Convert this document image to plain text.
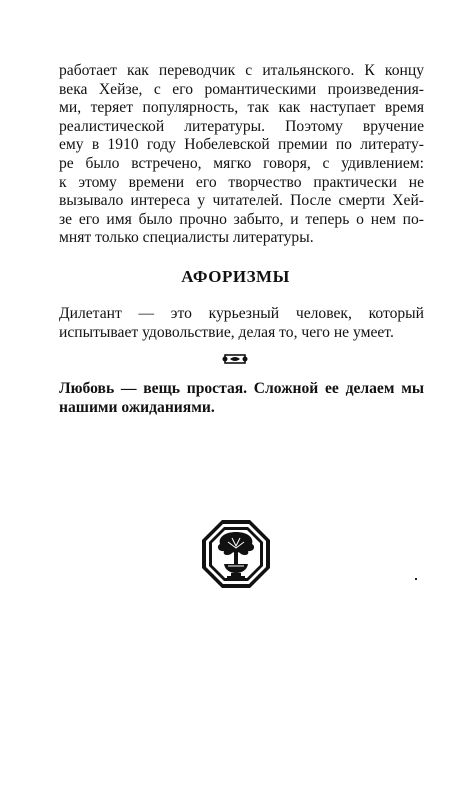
работает как переводчик с итальянского. К концу
века Хейзе, с его романтическими произведения-
ми, теряет популярность, так как наступает время
реалистической литературы. Поэтому вручение
ему в 1910 году Нобелевской премии по литерату-
ре было встречено, мягко говоря, с удивлением:
к этому времени его творчество практически не
вызывало интереса у читателей. После смерти Хей-
зе его имя было прочно забыто, и теперь о нем по-
мнят только специалисты литературы.
АФОРИЗМЫ
Дилетант — это курьезный человек, который
испытывает удовольствие, делая то, чего не умеет.
Любовь — вещь простая. Сложной ее делаем мы
нашими ожиданиями.
